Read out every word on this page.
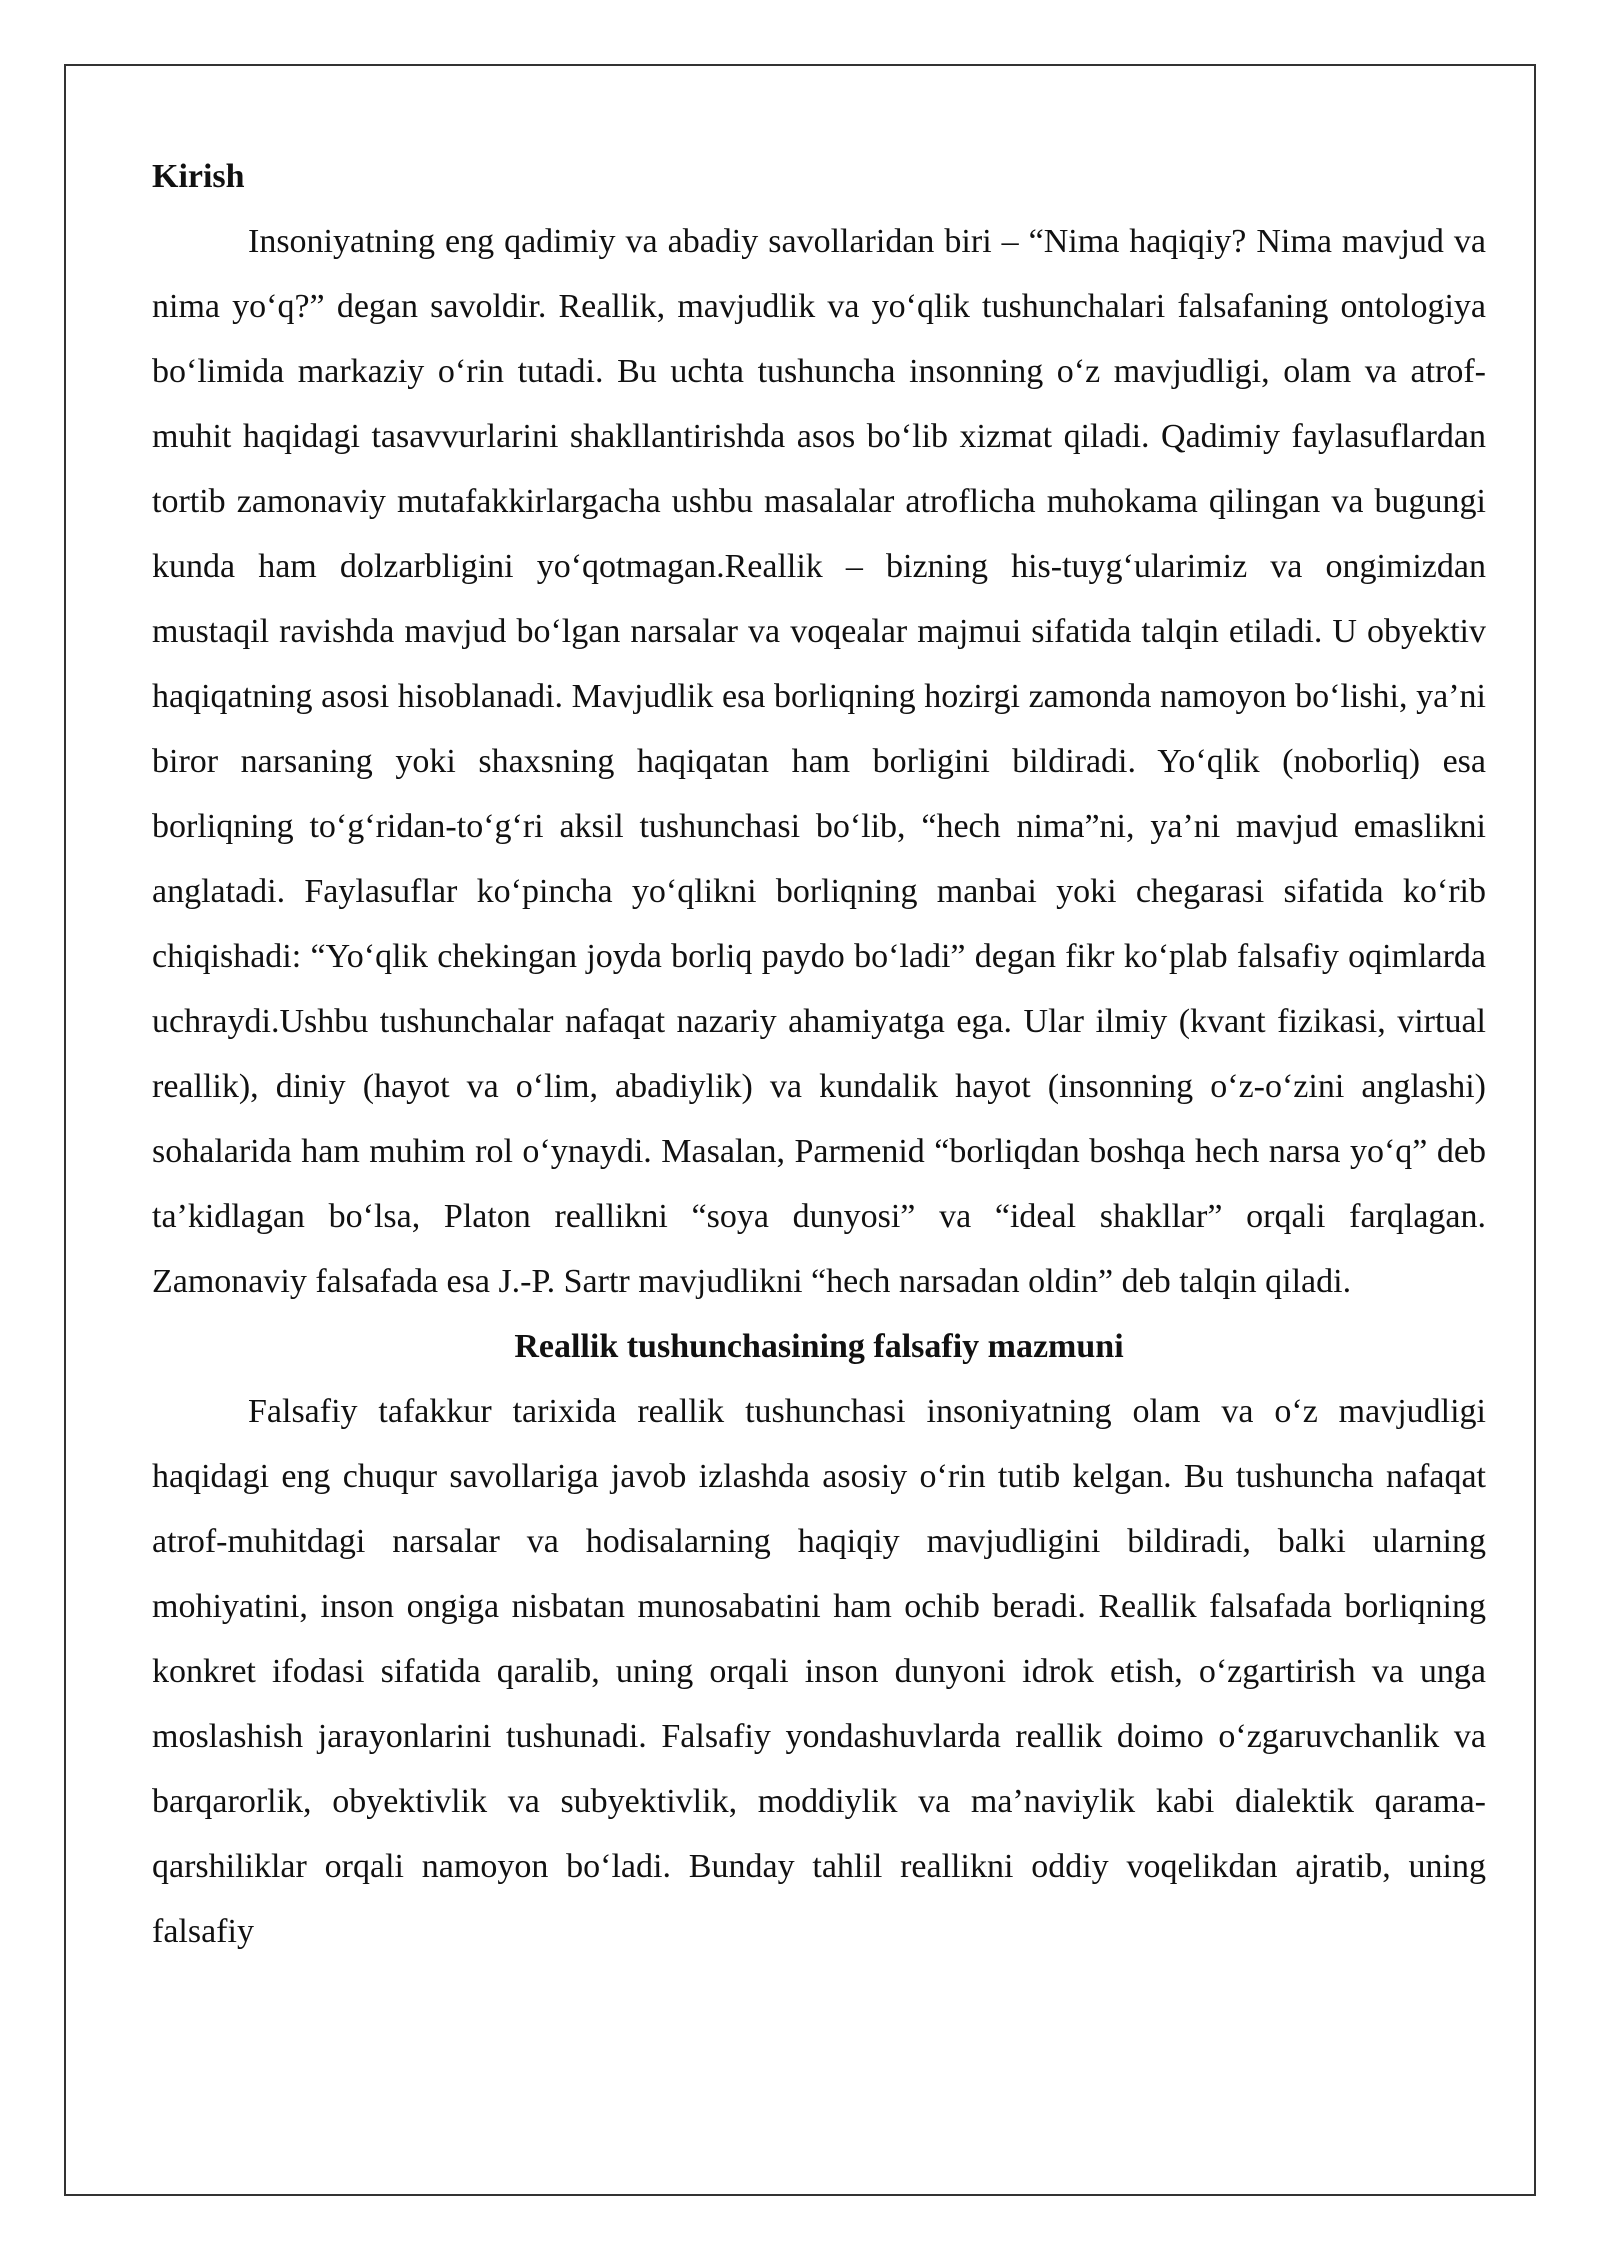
Kirish

Insoniyatning eng qadimiy va abadiy savollaridan biri – “Nima haqiqiy? Nima mavjud va nima yo‘q?” degan savoldir. Reallik, mavjudlik va yo‘qlik tushunchalari falsafaning ontologiya bo‘limida markaziy o‘rin tutadi. Bu uchta tushuncha insonning o‘z mavjudligi, olam va atrof-muhit haqidagi tasavvurlarini shakllantirishda asos bo‘lib xizmat qiladi. Qadimiy faylasuflardan tortib zamonaviy mutafakkirlargacha ushbu masalalar atroflicha muhokama qilingan va bugungi kunda ham dolzarbligini yo‘qotmagan.Reallik – bizning his-tuyg‘ularimiz va ongimizdan mustaqil ravishda mavjud bo‘lgan narsalar va voqealar majmui sifatida talqin etiladi. U obyektiv haqiqatning asosi hisoblanadi. Mavjudlik esa borliqning hozirgi zamonda namoyon bo‘lishi, ya’ni biror narsaning yoki shaxsning haqiqatan ham borligini bildiradi. Yo‘qlik (noborliq) esa borliqning to‘g‘ridan-to‘g‘ri aksil tushunchasi bo‘lib, “hech nima”ni, ya’ni mavjud emaslikni anglatadi. Faylasuflar ko‘pincha yo‘qlikni borliqning manbai yoki chegarasi sifatida ko‘rib chiqishadi: “Yo‘qlik chekingan joyda borliq paydo bo‘ladi” degan fikr ko‘plab falsafiy oqimlarda uchraydi.Ushbu tushunchalar nafaqat nazariy ahamiyatga ega. Ular ilmiy (kvant fizikasi, virtual reallik), diniy (hayot va o‘lim, abadiylik) va kundalik hayot (insonning o‘z-o‘zini anglashi) sohalarida ham muhim rol o‘ynaydi. Masalan, Parmenid “borliqdan boshqa hech narsa yo‘q” deb ta’kidlagan bo‘lsa, Platon reallikni “soya dunyosi” va “ideal shakllar” orqali farqlagan. Zamonaviy falsafada esa J.-P. Sartr mavjudlikni “hech narsadan oldin” deb talqin qiladi.

Reallik tushunchasining falsafiy mazmuni

Falsafiy tafakkur tarixida reallik tushunchasi insoniyatning olam va o‘z mavjudligi haqidagi eng chuqur savollariga javob izlashda asosiy o‘rin tutib kelgan. Bu tushuncha nafaqat atrof-muhitdagi narsalar va hodisalarning haqiqiy mavjudligini bildiradi, balki ularning mohiyatini, inson ongiga nisbatan munosabatini ham ochib beradi. Reallik falsafada borliqning konkret ifodasi sifatida qaralib, uning orqali inson dunyoni idrok etish, o‘zgartirish va unga moslashish jarayonlarini tushunadi. Falsafiy yondashuvlarda reallik doimo o‘zgaruvchanlik va barqarorlik, obyektivlik va subyektivlik, moddiylik va ma’naviylik kabi dialektik qarama-qarshiliklar orqali namoyon bo‘ladi. Bunday tahlil reallikni oddiy voqelikdan ajratib, uning falsafiy
